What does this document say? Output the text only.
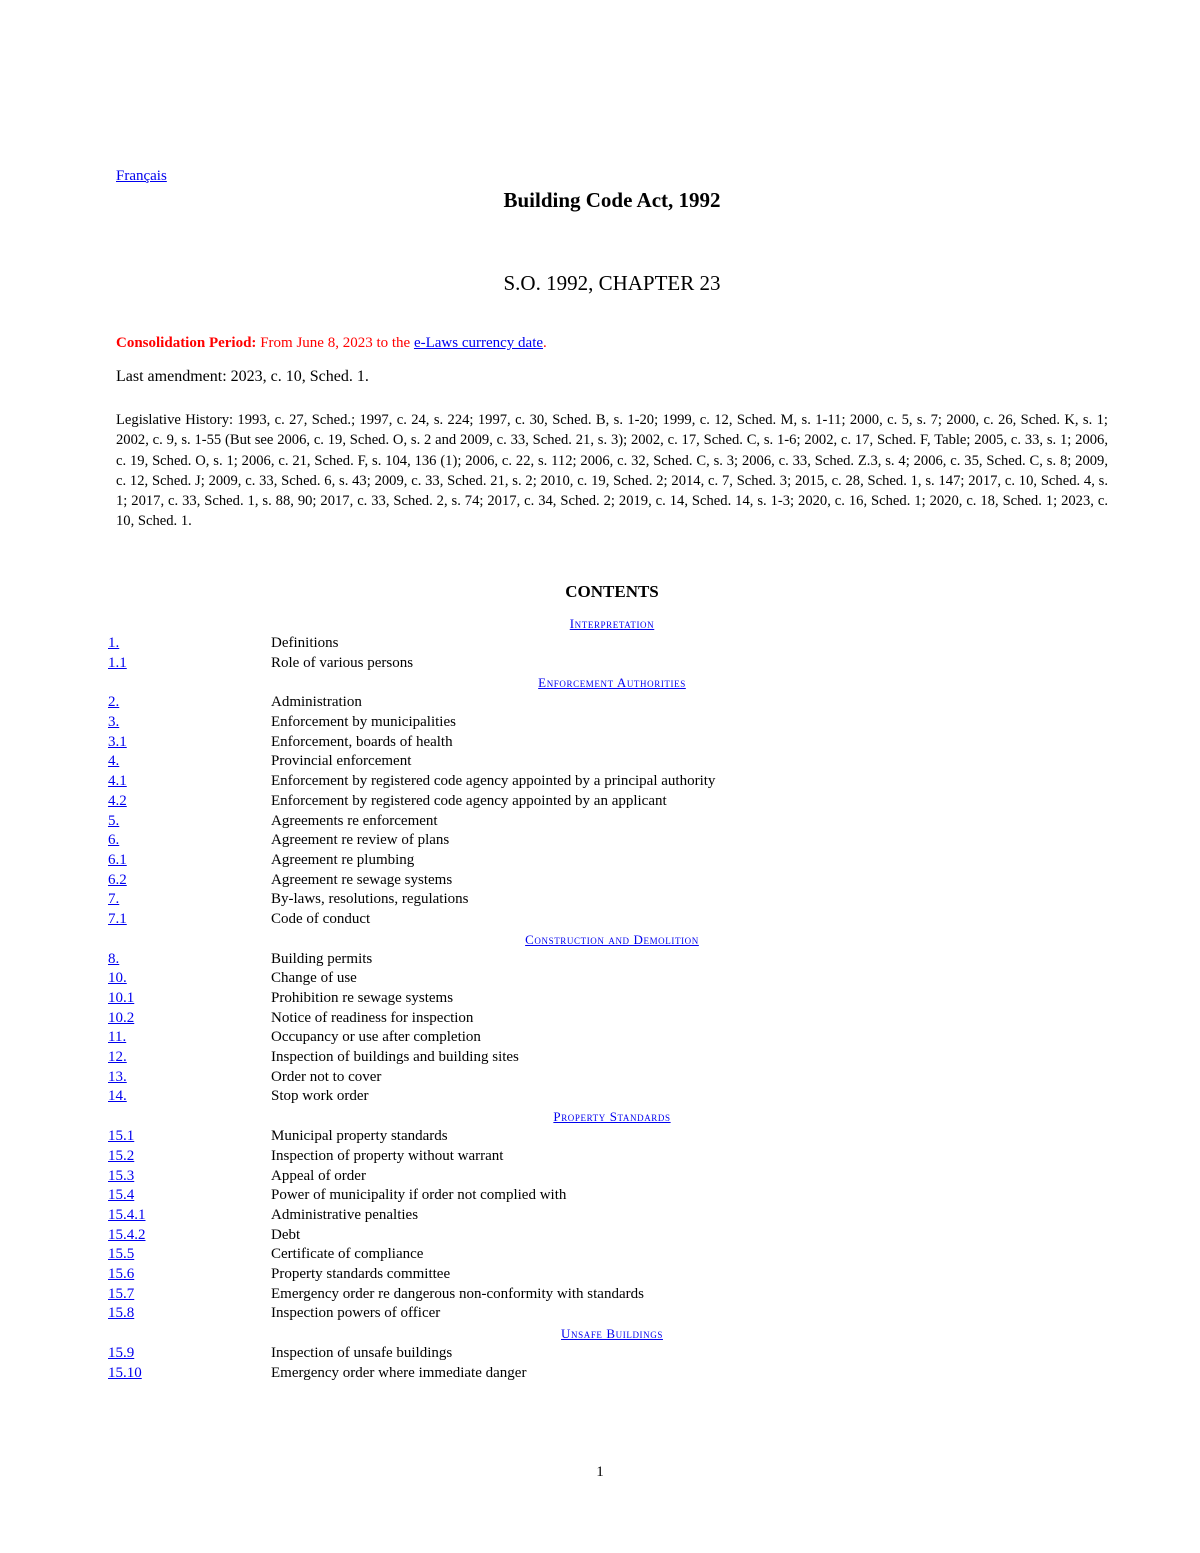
Français
Building Code Act, 1992
S.O. 1992, CHAPTER 23
Consolidation Period: From June 8, 2023 to the e-Laws currency date.
Last amendment: 2023, c. 10, Sched. 1.
Legislative History: 1993, c. 27, Sched.; 1997, c. 24, s. 224; 1997, c. 30, Sched. B, s. 1-20; 1999, c. 12, Sched. M, s. 1-11; 2000, c. 5, s. 7; 2000, c. 26, Sched. K, s. 1; 2002, c. 9, s. 1-55 (But see 2006, c. 19, Sched. O, s. 2 and 2009, c. 33, Sched. 21, s. 3); 2002, c. 17, Sched. C, s. 1-6; 2002, c. 17, Sched. F, Table; 2005, c. 33, s. 1; 2006, c. 19, Sched. O, s. 1; 2006, c. 21, Sched. F, s. 104, 136 (1); 2006, c. 22, s. 112; 2006, c. 32, Sched. C, s. 3; 2006, c. 33, Sched. Z.3, s. 4; 2006, c. 35, Sched. C, s. 8; 2009, c. 12, Sched. J; 2009, c. 33, Sched. 6, s. 43; 2009, c. 33, Sched. 21, s. 2; 2010, c. 19, Sched. 2; 2014, c. 7, Sched. 3; 2015, c. 28, Sched. 1, s. 147; 2017, c. 10, Sched. 4, s. 1; 2017, c. 33, Sched. 1, s. 88, 90; 2017, c. 33, Sched. 2, s. 74; 2017, c. 34, Sched. 2; 2019, c. 14, Sched. 14, s. 1-3; 2020, c. 16, Sched. 1; 2020, c. 18, Sched. 1; 2023, c. 10, Sched. 1.
CONTENTS
Interpretation
1.	Definitions
1.1	Role of various persons
Enforcement Authorities
2.	Administration
3.	Enforcement by municipalities
3.1	Enforcement, boards of health
4.	Provincial enforcement
4.1	Enforcement by registered code agency appointed by a principal authority
4.2	Enforcement by registered code agency appointed by an applicant
5.	Agreements re enforcement
6.	Agreement re review of plans
6.1	Agreement re plumbing
6.2	Agreement re sewage systems
7.	By-laws, resolutions, regulations
7.1	Code of conduct
Construction and Demolition
8.	Building permits
10.	Change of use
10.1	Prohibition re sewage systems
10.2	Notice of readiness for inspection
11.	Occupancy or use after completion
12.	Inspection of buildings and building sites
13.	Order not to cover
14.	Stop work order
Property Standards
15.1	Municipal property standards
15.2	Inspection of property without warrant
15.3	Appeal of order
15.4	Power of municipality if order not complied with
15.4.1	Administrative penalties
15.4.2	Debt
15.5	Certificate of compliance
15.6	Property standards committee
15.7	Emergency order re dangerous non-conformity with standards
15.8	Inspection powers of officer
Unsafe Buildings
15.9	Inspection of unsafe buildings
15.10	Emergency order where immediate danger
1
